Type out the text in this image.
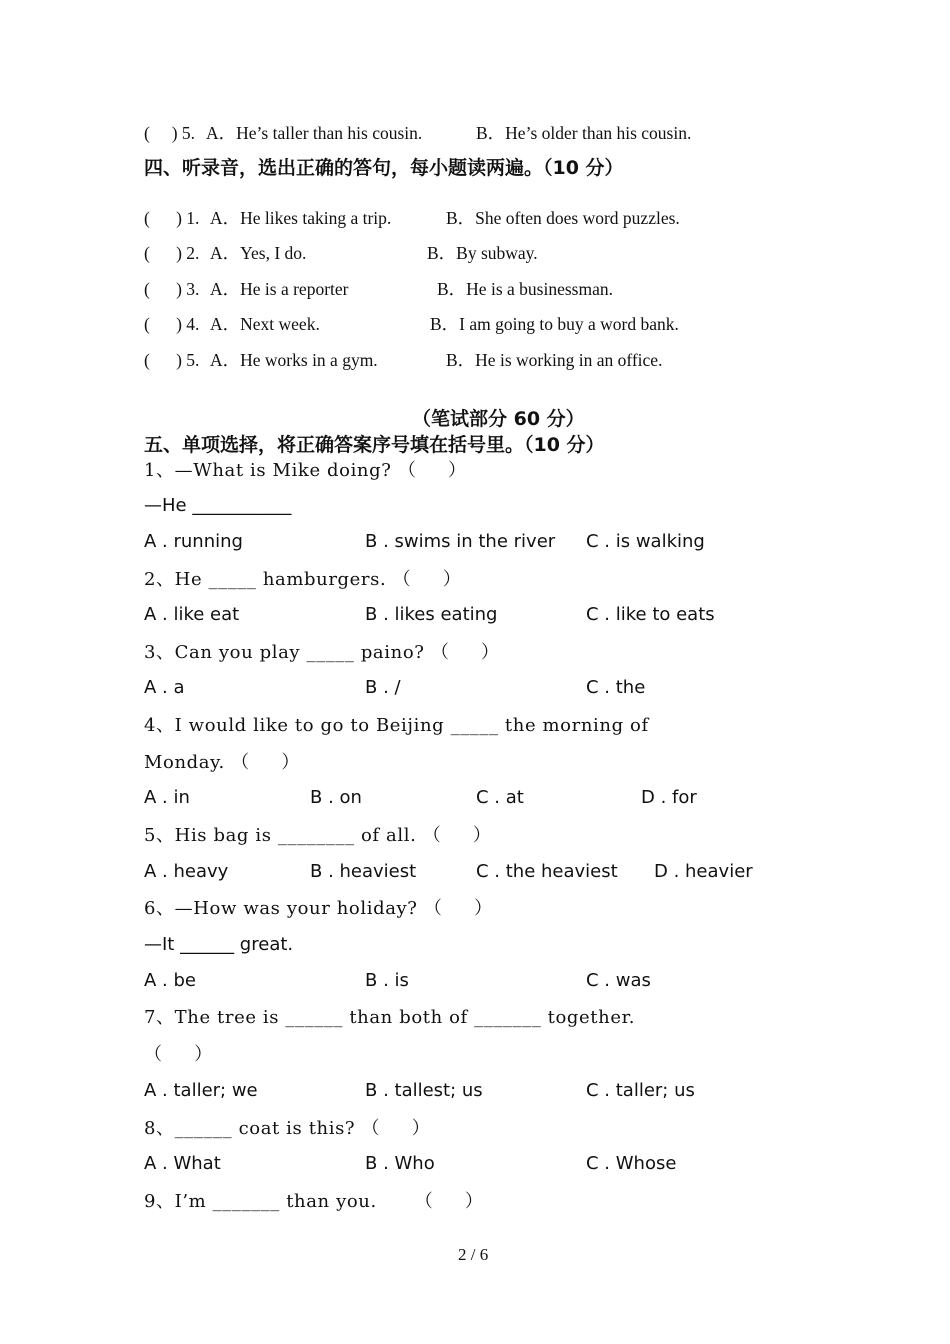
(     ) 5. A．He’s taller than his cousin.	B．He’s older than his cousin.
四、听录音，选出正确的答句，每小题读两遍。（10 分）
(      ) 1. A．He likes taking a trip.	B．She often does word puzzles.
(      ) 2. A．Yes, I do.	B．By subway.
(      ) 3. A．He is a reporter	B．He is a businessman.
(      ) 4. A．Next week.	B．I am going to buy a word bank.
(      ) 5. A．He works in a gym.	B．He is working in an office.
（笔试部分 60 分）
五、单项选择，将正确答案序号填在括号里。（10 分）
1、—What is Mike doing? （     ）
—He ___________
A . running	B . swims in the river C . is walking
2、He _____ hamburgers. （     ）
A . like eat	B . likes eating	C . like to eats
3、Can you play _____ paino? （     ）
A . a	B . /	C . the
4、I would like to go to Beijing _____ the morning of
Monday. （     ）
A . in	B . on	C . at	D . for
5、His bag is ________ of all. （     ）
A . heavy	B . heaviest	C . the heaviest D . heavier
6、—How was your holiday? （     ）
—It ______ great.
A . be	B . is	C . was
7、The tree is ______ than both of _______ together.
（     ）
A . taller; we	B . tallest; us	C . taller; us
8、______ coat is this? （     ）
A . What	B . Who	C . Whose
9、I’m _______ than you.      （     ）
2 / 6
